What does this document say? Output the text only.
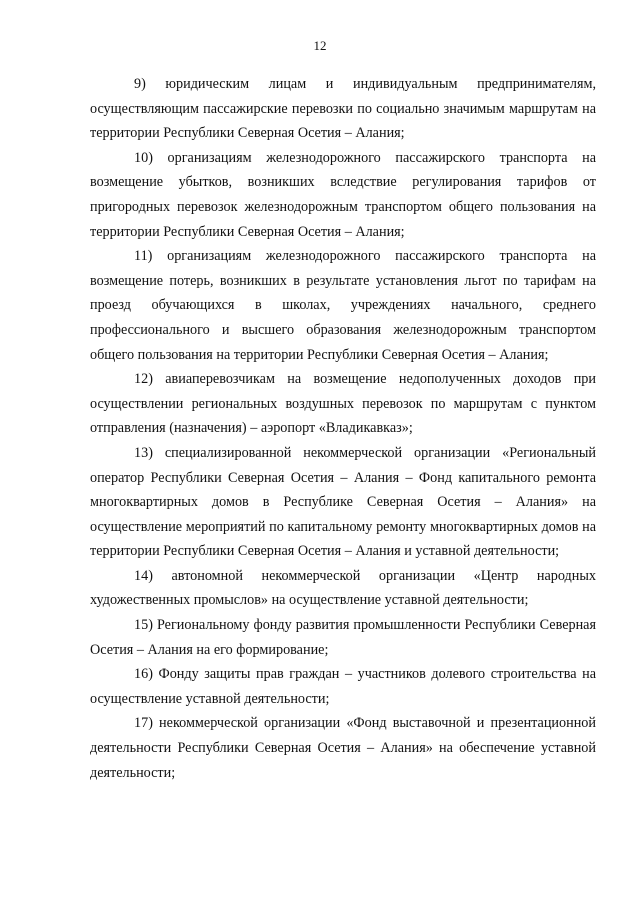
12

9) юридическим лицам и индивидуальным предпринимателям, осуществляющим пассажирские перевозки по социально значимым маршрутам на территории Республики Северная Осетия – Алания;

10) организациям железнодорожного пассажирского транспорта на возмещение убытков, возникших вследствие регулирования тарифов от пригородных перевозок железнодорожным транспортом общего пользования на территории Республики Северная Осетия – Алания;

11) организациям железнодорожного пассажирского транспорта на возмещение потерь, возникших в результате установления льгот по тарифам на проезд обучающихся в школах, учреждениях начального, среднего профессионального и высшего образования железнодорожным транспортом общего пользования на территории Республики Северная Осетия – Алания;

12) авиаперевозчикам на возмещение недополученных доходов при осуществлении региональных воздушных перевозок по маршрутам с пунктом отправления (назначения) – аэропорт «Владикавказ»;

13) специализированной некоммерческой организации «Региональный оператор Республики Северная Осетия – Алания – Фонд капитального ремонта многоквартирных домов в Республике Северная Осетия – Алания» на осуществление мероприятий по капитальному ремонту многоквартирных домов на территории Республики Северная Осетия – Алания и уставной деятельности;

14) автономной некоммерческой организации «Центр народных художественных промыслов» на осуществление уставной деятельности;

15) Региональному фонду развития промышленности Республики Северная Осетия – Алания на его формирование;

16) Фонду защиты прав граждан – участников долевого строительства на осуществление уставной деятельности;

17) некоммерческой организации «Фонд выставочной и презентационной деятельности Республики Северная Осетия – Алания» на обеспечение уставной деятельности;
